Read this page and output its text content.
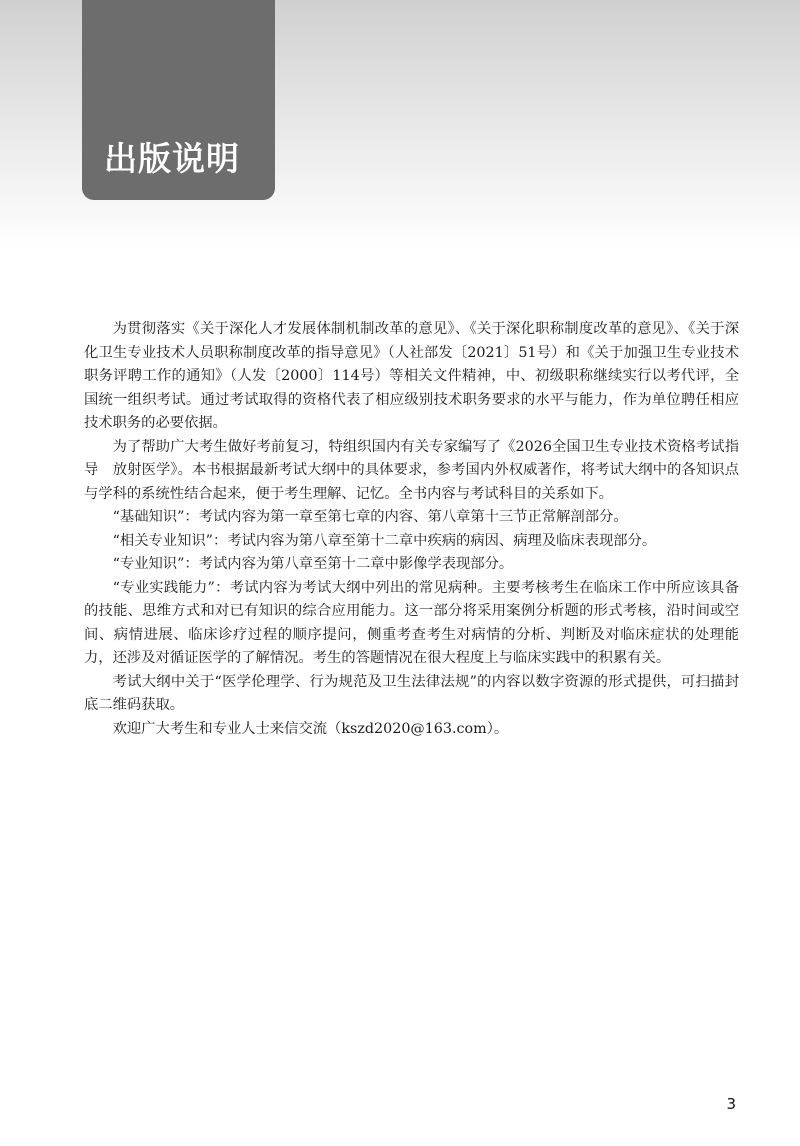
出版说明

为贯彻落实《关于深化人才发展体制机制改革的意见》、《关于深化职称制度改革的意见》、《关于深化卫生专业技术人员职称制度改革的指导意见》（人社部发〔2021〕51号）和《关于加强卫生专业技术职务评聘工作的通知》（人发〔2000〕114号）等相关文件精神，中、初级职称继续实行以考代评，全国统一组织考试。通过考试取得的资格代表了相应级别技术职务要求的水平与能力，作为单位聘任相应技术职务的必要依据。

为了帮助广大考生做好考前复习，特组织国内有关专家编写了《2026全国卫生专业技术资格考试指导　放射医学》。本书根据最新考试大纲中的具体要求，参考国内外权威著作，将考试大纲中的各知识点与学科的系统性结合起来，便于考生理解、记忆。全书内容与考试科目的关系如下。

“基础知识”：考试内容为第一章至第七章的内容、第八章第十三节正常解剖部分。

“相关专业知识”：考试内容为第八章至第十二章中疾病的病因、病理及临床表现部分。

“专业知识”：考试内容为第八章至第十二章中影像学表现部分。

“专业实践能力”：考试内容为考试大纲中列出的常见病种。主要考核考生在临床工作中所应该具备的技能、思维方式和对已有知识的综合应用能力。这一部分将采用案例分析题的形式考核，沿时间或空间、病情进展、临床诊疗过程的顺序提问，侧重考查考生对病情的分析、判断及对临床症状的处理能力，还涉及对循证医学的了解情况。考生的答题情况在很大程度上与临床实践中的积累有关。

考试大纲中关于“医学伦理学、行为规范及卫生法律法规”的内容以数字资源的形式提供，可扫描封底二维码获取。

欢迎广大考生和专业人士来信交流（kszd2020@163.com）。

3
